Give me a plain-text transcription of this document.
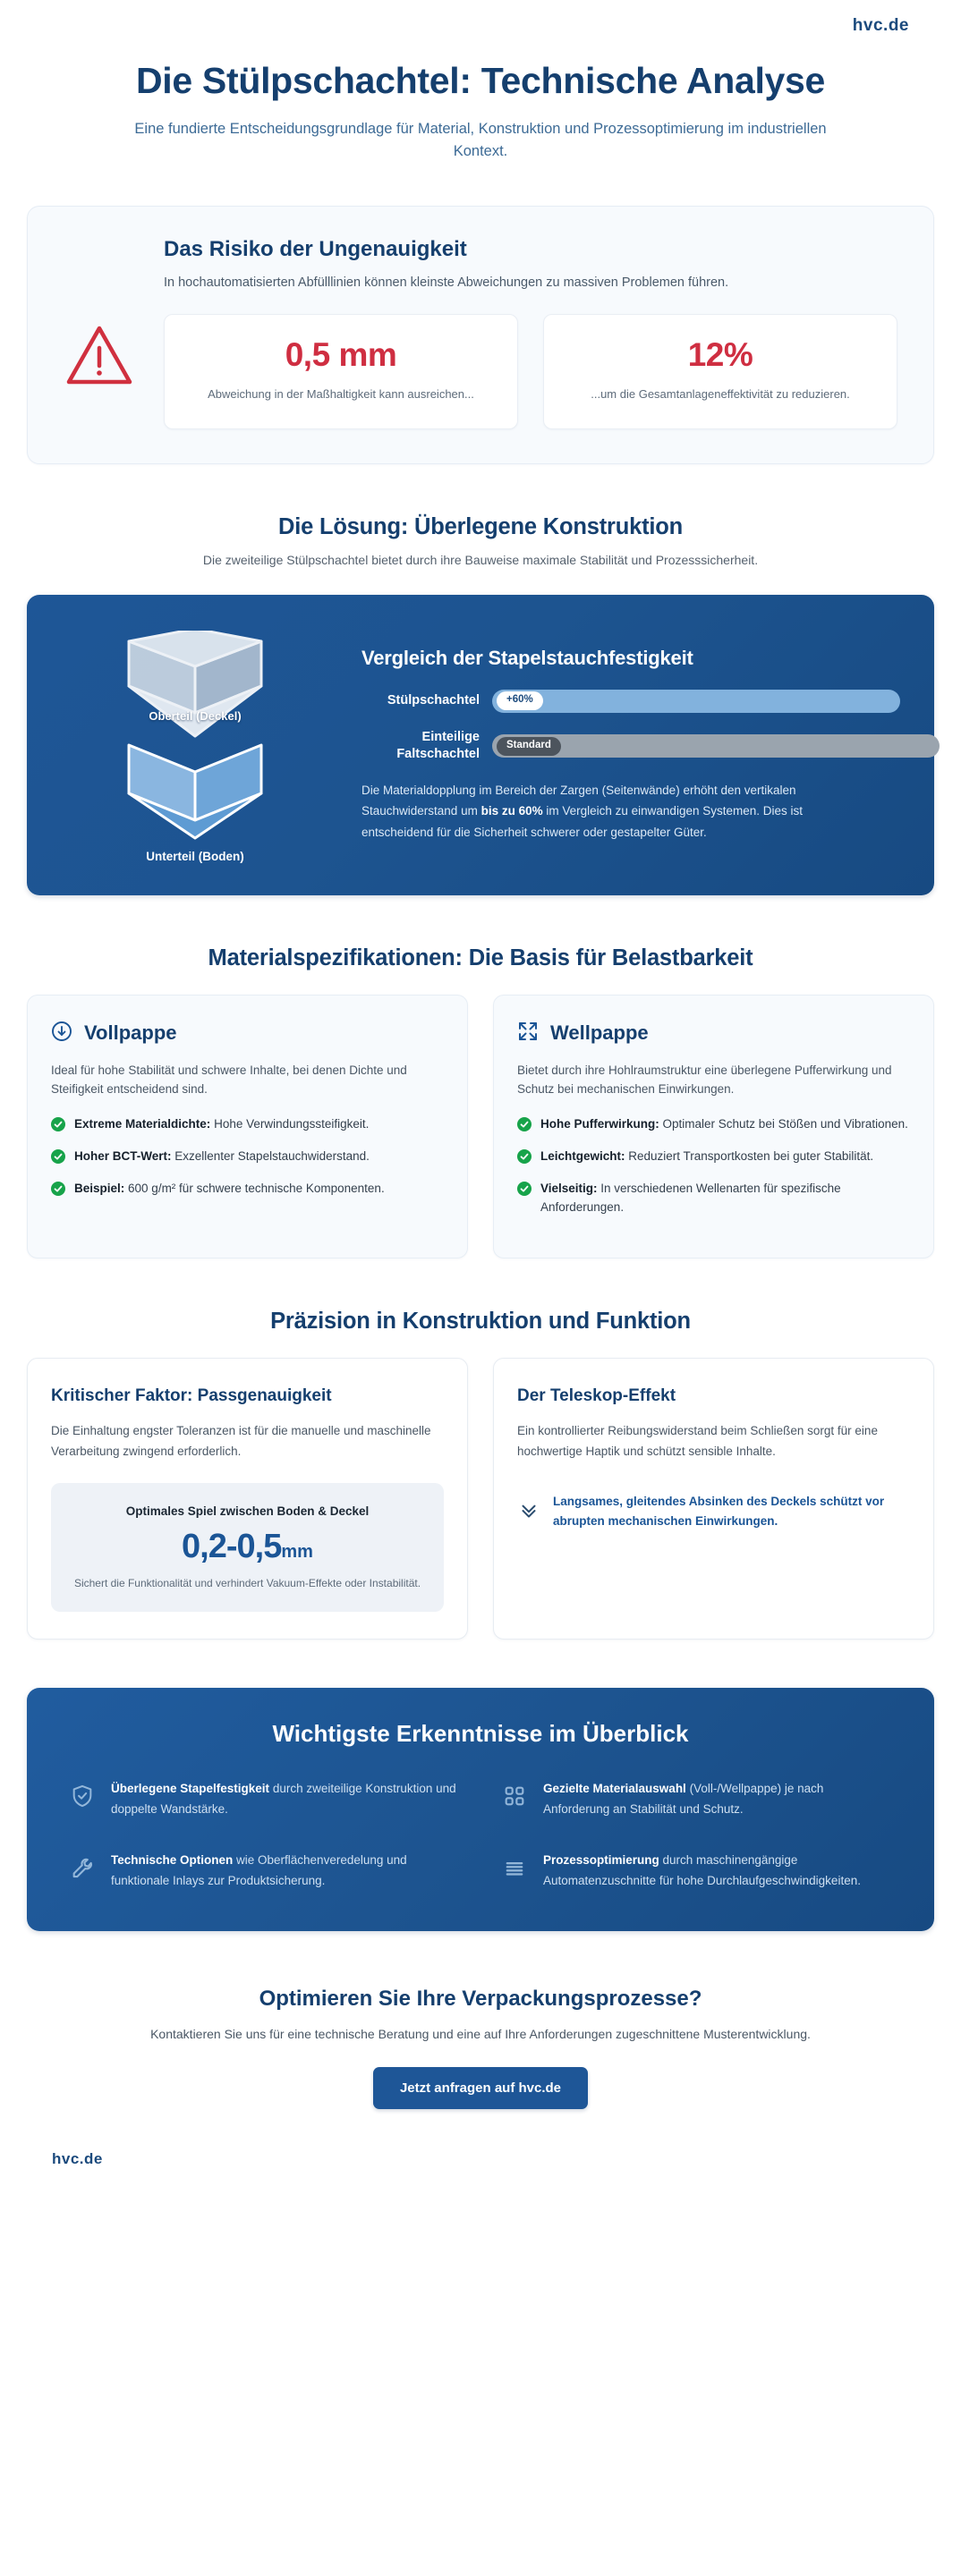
hvc.de
Die Stülpschachtel: Technische Analyse

Eine fundierte Entscheidungsgrundlage für Material, Konstruktion und Prozessoptimierung im industriellen Kontext.

Das Risiko der Ungenauigkeit
In hochautomatisierten Abfülllinien können kleinste Abweichungen zu massiven Problemen führen.
0,5 mm
Abweichung in der Maßhaltigkeit kann ausreichen...
12%
...um die Gesamtanlageneffektivität zu reduzieren.
Die Lösung: Überlegene Konstruktion

Die zweiteilige Stülpschachtel bietet durch ihre Bauweise maximale Stabilität und Prozesssicherheit.

Oberteil (Deckel)
Unterteil (Boden)
Vergleich der Stapelstauchfestigkeit
Stülpschachtel	+60%
Einteilige Faltschachtel
Standard
Die Materialdopplung im Bereich der Zargen (Seitenwände) erhöht den vertikalen Stauchwiderstand um bis zu 60% im Vergleich zu einwandigen Systemen. Dies ist entscheidend für die Sicherheit schwerer oder gestapelter Güter.
Materialspezifikationen: Die Basis für Belastbarkeit
Vollpappe
Ideal für hohe Stabilität und schwere Inhalte, bei denen Dichte und Steifigkeit entscheidend sind.
Extreme Materialdichte: Hohe Verwindungssteifigkeit.
Hoher BCT-Wert: Exzellenter Stapelstauchwiderstand.
Beispiel: 600 g/m² für schwere technische Komponenten.
Wellpappe
Bietet durch ihre Hohlraumstruktur eine überlegene Pufferwirkung und Schutz bei mechanischen Einwirkungen.
Hohe Pufferwirkung: Optimaler Schutz bei Stößen und Vibrationen.
Leichtgewicht: Reduziert Transportkosten bei guter Stabilität.
Vielseitig: In verschiedenen Wellenarten für spezifische Anforderungen.
Präzision in Konstruktion und Funktion
Kritischer Faktor: Passgenauigkeit
Die Einhaltung engster Toleranzen ist für die manuelle und maschinelle Verarbeitung zwingend erforderlich.
Optimales Spiel zwischen Boden & Deckel
0,2-0,5mm
Sichert die Funktionalität und verhindert Vakuum-Effekte oder Instabilität.
Der Teleskop-Effekt
Ein kontrollierter Reibungswiderstand beim Schließen sorgt für eine hochwertige Haptik und schützt sensible Inhalte.
Langsames, gleitendes Absinken des Deckels schützt vor abrupten mechanischen Einwirkungen.
Wichtigste Erkenntnisse im Überblick
Überlegene Stapelfestigkeit durch zweiteilige Konstruktion und doppelte Wandstärke.
Gezielte Materialauswahl (Voll-/Wellpappe) je nach Anforderung an Stabilität und Schutz.
Technische Optionen wie Oberflächenveredelung und funktionale Inlays zur Produktsicherung.
Prozessoptimierung durch maschinengängige Automatenzuschnitte für hohe Durchlaufgeschwindigkeiten.
Optimieren Sie Ihre Verpackungsprozesse?

Kontaktieren Sie uns für eine technische Beratung und eine auf Ihre Anforderungen zugeschnittene Musterentwicklung.

Jetzt anfragen auf hvc.de
hvc.de
